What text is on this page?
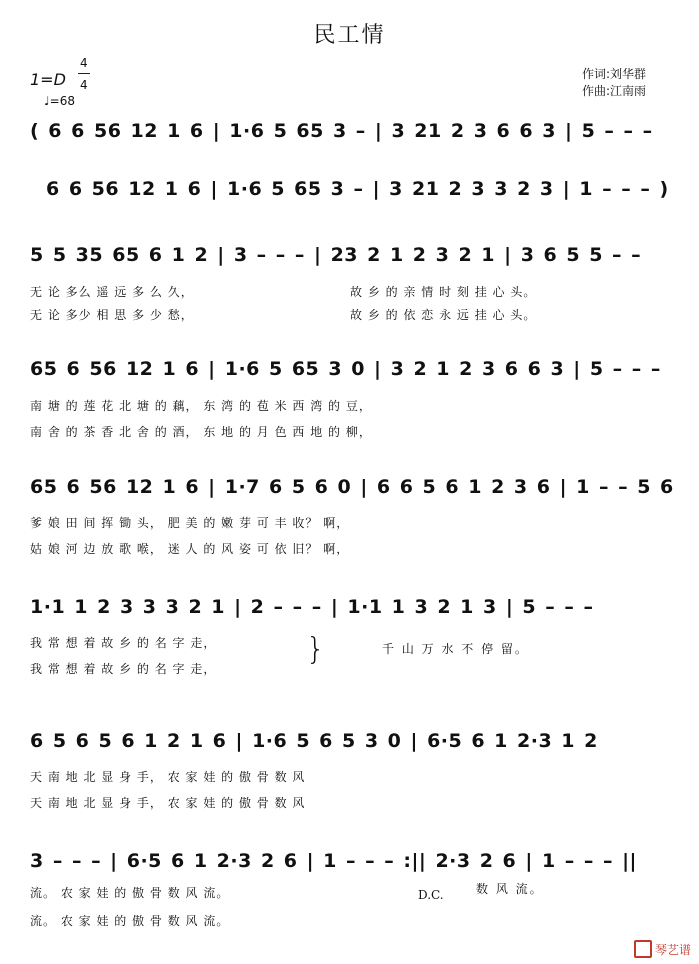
民工情
作词:刘华群
作曲:江南雨
1=D
4
4
♩=68
( 6 6 56 12 1 6 | 1·6 5 65 3 – | 3 21 2 3 6 6 3 | 5 – – –
6 6 56 12 1 6 | 1·6 5 65 3 – | 3 21 2 3 3 2 3 | 1 – – – )
5 5 35 65 6 1 2 | 3 – – – | 23 2 1 2 3 2 1 | 3 6 5 5 – –
无 论 多么 遥 远 多 么 久，	故 乡 的 亲 情 时 刻 挂 心 头。
无 论 多少 相 思 多 少 愁，	故 乡 的 依 恋 永 远 挂 心 头。
65 6 56 12 1 6 | 1·6 5 65 3 0 | 3 2 1 2 3 6 6 3 | 5 – – –
南 塘 的 莲 花 北 塘 的 藕， 东 湾 的 苞 米 西 湾 的 豆，
南 舍 的 茶 香 北 舍 的 酒， 东 地 的 月 色 西 地 的 柳，
65 6 56 12 1 6 | 1·7 6 5 6 0 | 6 6 5 6 1 2 3 6 | 1 – – 5 6
爹 娘 田 间 挥 锄 头， 肥 美 的 嫩 芽 可 丰 收？ 啊，
姑 娘 河 边 放 歌 喉， 迷 人 的 风 姿 可 依 旧？ 啊，
1·1 1 2 3 3 3 2 1 | 2 – – – | 1·1 1 3 2 1 3 | 5 – – –
我 常 想 着 故 乡 的 名 字 走，
我 常 想 着 故 乡 的 名 字 走，
}	千 山 万 水 不 停 留。
6 5 6 5 6 1 2 1 6 | 1·6 5 6 5 3 0 | 6·5 6 1 2·3 1 2
天 南 地 北 显 身 手， 农 家 娃 的 傲 骨 数 风
天 南 地 北 显 身 手， 农 家 娃 的 傲 骨 数 风
3 – – – | 6·5 6 1 2·3 2 6 | 1 – – – :|| 2·3 2 6 | 1 – – – ||
流。 农 家 娃 的 傲 骨 数 风 流。
流。 农 家 娃 的 傲 骨 数 风 流。
D.C.	数 风 流。
琴艺谱
